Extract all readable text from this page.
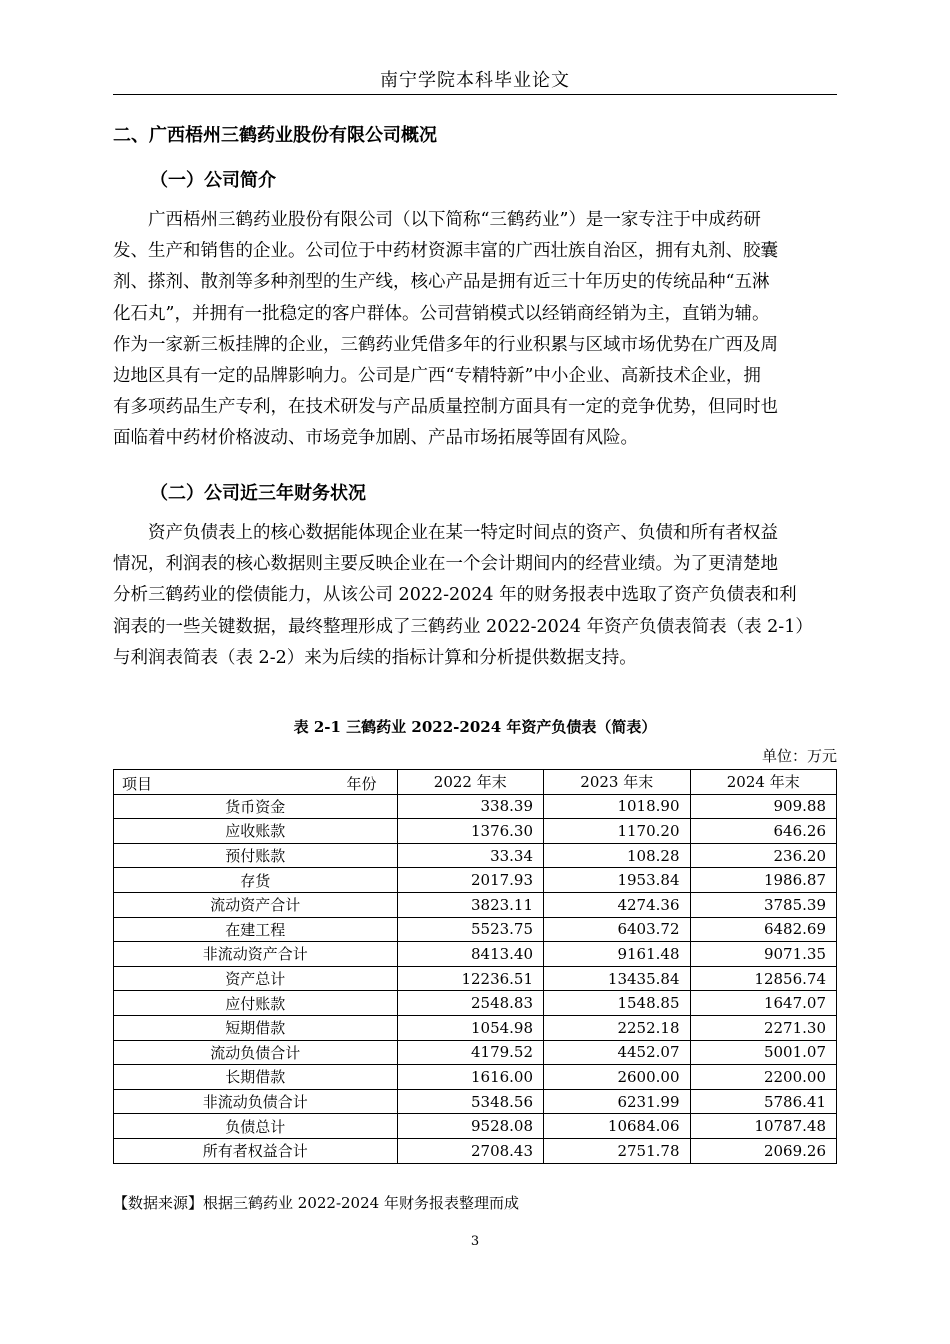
南宁学院本科毕业论文
二、广西梧州三鹤药业股份有限公司概况
（一）公司简介
　　广西梧州三鹤药业股份有限公司（以下简称“三鹤药业”）是一家专注于中成药研
发、生产和销售的企业。公司位于中药材资源丰富的广西壮族自治区，拥有丸剂、胶囊
剂、搽剂、散剂等多种剂型的生产线，核心产品是拥有近三十年历史的传统品种“五淋
化石丸”，并拥有一批稳定的客户群体。公司营销模式以经销商经销为主，直销为辅。
作为一家新三板挂牌的企业，三鹤药业凭借多年的行业积累与区域市场优势在广西及周
边地区具有一定的品牌影响力。公司是广西“专精特新”中小企业、高新技术企业，拥
有多项药品生产专利，在技术研发与产品质量控制方面具有一定的竞争优势，但同时也
面临着中药材价格波动、市场竞争加剧、产品市场拓展等固有风险。
（二）公司近三年财务状况
　　资产负债表上的核心数据能体现企业在某一特定时间点的资产、负债和所有者权益
情况，利润表的核心数据则主要反映企业在一个会计期间内的经营业绩。为了更清楚地
分析三鹤药业的偿债能力，从该公司 2022-2024 年的财务报表中选取了资产负债表和利
润表的一些关键数据，最终整理形成了三鹤药业 2022-2024 年资产负债表简表（表 2-1）
与利润表简表（表 2-2）来为后续的指标计算和分析提供数据支持。
表 2-1 三鹤药业 2022-2024 年资产负债表（简表）
单位：万元
项目 年份	2022 年末	2023 年末	2024 年末
货币资金	338.39	1018.90	909.88
应收账款	1376.30	1170.20	646.26
预付账款	33.34	108.28	236.20
存货	2017.93	1953.84	1986.87
流动资产合计	3823.11	4274.36	3785.39
在建工程	5523.75	6403.72	6482.69
非流动资产合计	8413.40	9161.48	9071.35
资产总计	12236.51	13435.84	12856.74
应付账款	2548.83	1548.85	1647.07
短期借款	1054.98	2252.18	2271.30
流动负债合计	4179.52	4452.07	5001.07
长期借款	1616.00	2600.00	2200.00
非流动负债合计	5348.56	6231.99	5786.41
负债总计	9528.08	10684.06	10787.48
所有者权益合计	2708.43	2751.78	2069.26
【数据来源】根据三鹤药业 2022-2024 年财务报表整理而成
3
